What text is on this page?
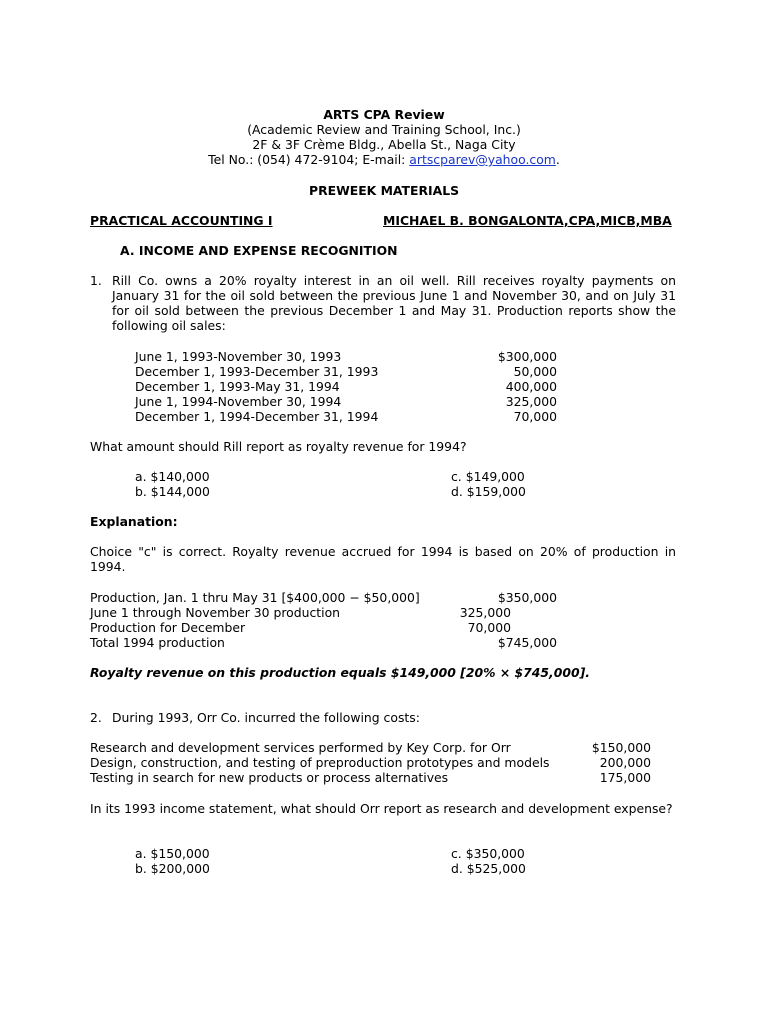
ARTS CPA Review
(Academic Review and Training School, Inc.)
2F & 3F Crème Bldg., Abella St., Naga City
Tel No.: (054) 472-9104; E-mail: artscparev@yahoo.com.
PREWEEK MATERIALS
PRACTICAL ACCOUNTING I	MICHAEL B. BONGALONTA,CPA,MICB,MBA
A. INCOME AND EXPENSE RECOGNITION
1. Rill Co. owns a 20% royalty interest in an oil well. Rill receives royalty payments on January 31 for the oil sold between the previous June 1 and November 30, and on July 31 for oil sold between the previous December 1 and May 31. Production reports show the following oil sales:
June 1, 1993-November 30, 1993	$300,000
December 1, 1993-December 31, 1993	50,000
December 1, 1993-May 31, 1994	400,000
June 1, 1994-November 30, 1994	325,000
December 1, 1994-December 31, 1994	70,000
What amount should Rill report as royalty revenue for 1994?
a. $140,000	c. $149,000
b. $144,000	d. $159,000
Explanation:
Choice "c" is correct. Royalty revenue accrued for 1994 is based on 20% of production in 1994.
Production, Jan. 1 thru May 31 [$400,000 − $50,000]	$350,000
June 1 through November 30 production	325,000
Production for December	70,000
Total 1994 production	$745,000
Royalty revenue on this production equals $149,000 [20% × $745,000].
2. During 1993, Orr Co. incurred the following costs:
Research and development services performed by Key Corp. for Orr	$150,000
Design, construction, and testing of preproduction prototypes and models	200,000
Testing in search for new products or process alternatives	175,000
In its 1993 income statement, what should Orr report as research and development expense?
a. $150,000	c. $350,000
b. $200,000	d. $525,000
